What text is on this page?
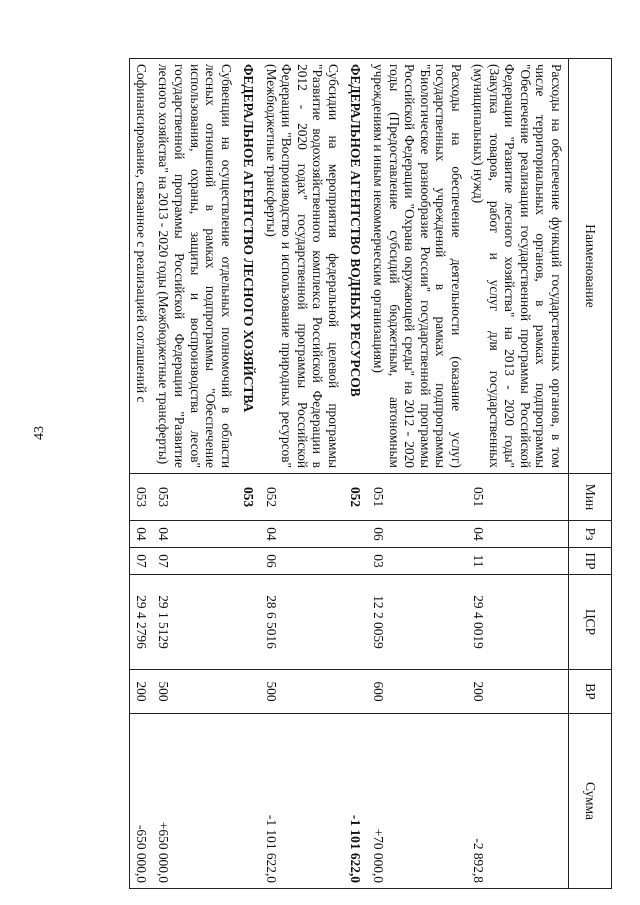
43
Наименование	Мин	Рз	ПР	ЦСР	ВР	Сумма
Расходы на обеспечение функций государственных органов, в том числе территориальных органов, в рамках подпрограммы "Обеспечение реализации государственной программы Российской Федерации "Развитие лесного хозяйства" на 2013 - 2020 годы" (Закупка товаров, работ и услуг для государственных (муниципальных) нужд)	051	04	11	29 4 0019	200	-2 892,8
Расходы на обеспечение деятельности (оказание услуг) государственных учреждений в рамках подпрограммы "Биологическое разнообразие России" государственной программы Российской Федерации "Охрана окружающей среды" на 2012 - 2020 годы (Предоставление субсидий бюджетным, автономным учреждениям и иным некоммерческим организациям)	051	06	03	12 2 0059	600	+70 000,0
ФЕДЕРАЛЬНОЕ АГЕНТСТВО ВОДНЫХ РЕСУРСОВ	052					-1 101 622,0
Субсидии на мероприятия федеральной целевой программы "Развитие водохозяйственного комплекса Российской Федерации в 2012 - 2020 годах" государственной программы Российской Федерации "Воспроизводство и использование природных ресурсов" (Межбюджетные трансферты)	052	04	06	28 6 5016	500	-1 101 622,0
ФЕДЕРАЛЬНОЕ АГЕНТСТВО ЛЕСНОГО ХОЗЯЙСТВА	053					
Субвенции на осуществление отдельных полномочий в области лесных отношений в рамках подпрограммы "Обеспечение использования, охраны, защиты и воспроизводства лесов" государственной программы Российской Федерации "Развитие лесного хозяйства" на 2013 - 2020 годы (Межбюджетные трансферты)	053	04	07	29 1 5129	500	+650 000,0
Софинансирование, связанное с реализацией соглашений с	053	04	07	29 4 2796	200	-650 000,0
